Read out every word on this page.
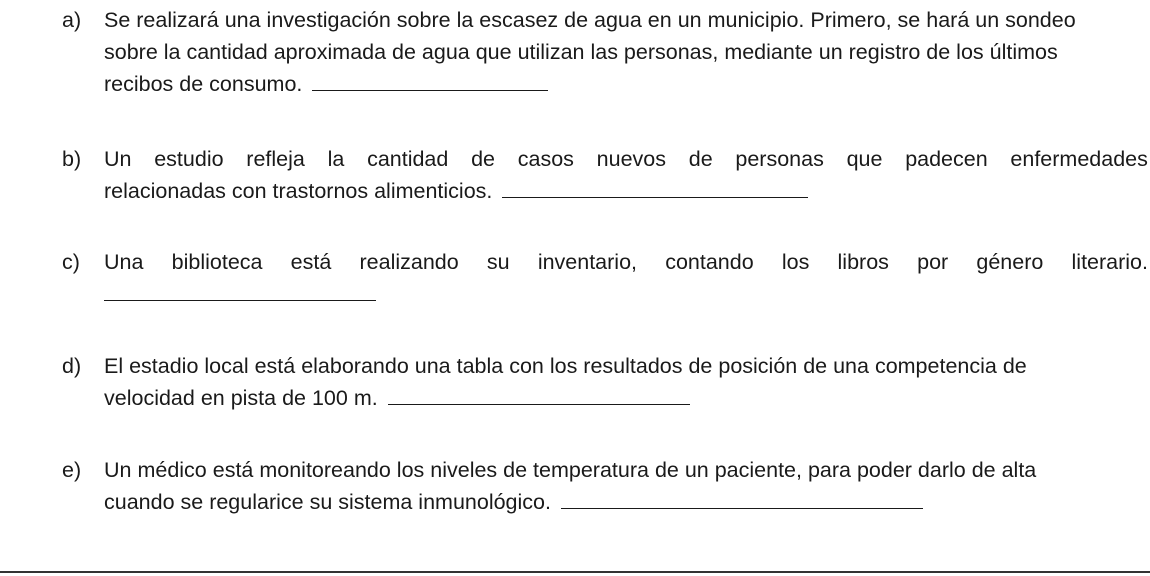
a)	Se realizará una investigación sobre la escasez de agua en un municipio. Primero, se hará un sondeo
sobre la cantidad aproximada de agua que utilizan las personas, mediante un registro de los últimos
recibos de consumo.
b)	Un estudio refleja la cantidad de casos nuevos de personas que padecen enfermedades
relacionadas con trastornos alimenticios.
c)	Una biblioteca está realizando su inventario, contando los libros por género literario.
d)	El estadio local está elaborando una tabla con los resultados de posición de una competencia de
velocidad en pista de 100 m.
e)	Un médico está monitoreando los niveles de temperatura de un paciente, para poder darlo de alta
cuando se regularice su sistema inmunológico.
